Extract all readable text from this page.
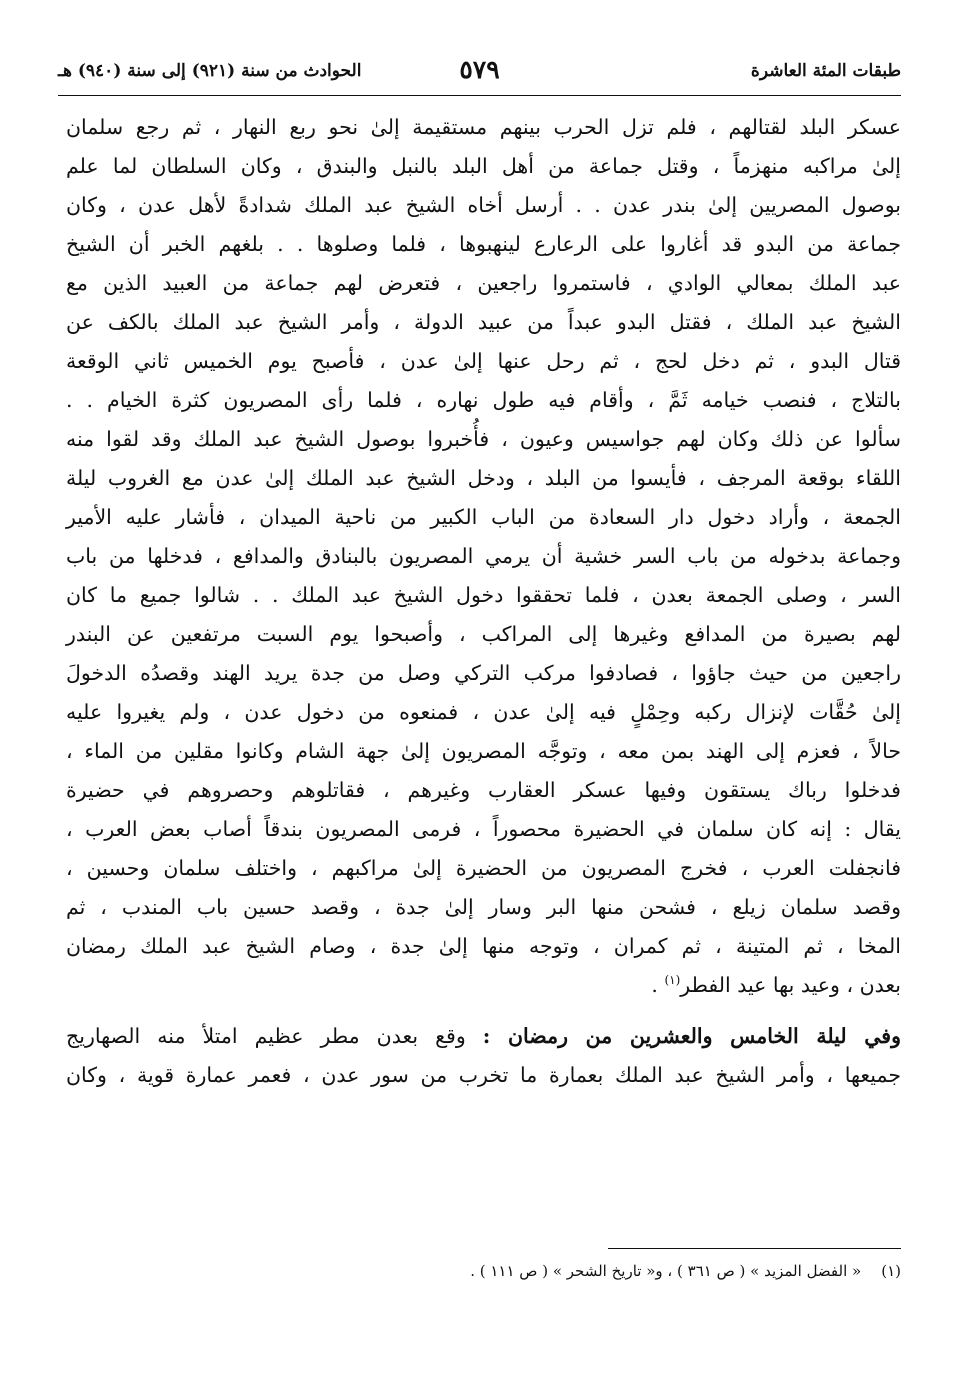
طبقات المئة العاشرة
٥٧٩
الحوادث من سنة (٩٢١) إلى سنة (٩٤٠) هـ
عسكر البلد لقتالهم ، فلم تزل الحرب بينهم مستقيمة إلىٰ نحو ربع النهار ، ثم رجع سلمان
إلىٰ مراكبه منهزماً ، وقتل جماعة من أهل البلد بالنبل والبندق ، وكان السلطان لما علم
بوصول المصريين إلىٰ بندر عدن . . أرسل أخاه الشيخ عبد الملك شدادةً لأهل عدن ، وكان
جماعة من البدو قد أغاروا على الرعارع لينهبوها ، فلما وصلوها . . بلغهم الخبر أن الشيخ
عبد الملك بمعالي الوادي ، فاستمروا راجعين ، فتعرض لهم جماعة من العبيد الذين مع
الشيخ عبد الملك ، فقتل البدو عبداً من عبيد الدولة ، وأمر الشيخ عبد الملك بالكف عن
قتال البدو ، ثم دخل لحج ، ثم رحل عنها إلىٰ عدن ، فأصبح يوم الخميس ثاني الوقعة
بالتلاج ، فنصب خيامه ثَمَّ ، وأقام فيه طول نهاره ، فلما رأى المصريون كثرة الخيام . .
سألوا عن ذلك وكان لهم جواسيس وعيون ، فأُخبروا بوصول الشيخ عبد الملك وقد لقوا منه
اللقاء بوقعة المرجف ، فأيسوا من البلد ، ودخل الشيخ عبد الملك إلىٰ عدن مع الغروب ليلة
الجمعة ، وأراد دخول دار السعادة من الباب الكبير من ناحية الميدان ، فأشار عليه الأمير
وجماعة بدخوله من باب السر خشية أن يرمي المصريون بالبنادق والمدافع ، فدخلها من باب
السر ، وصلى الجمعة بعدن ، فلما تحققوا دخول الشيخ عبد الملك . . شالوا جميع ما كان
لهم بصيرة من المدافع وغيرها إلى المراكب ، وأصبحوا يوم السبت مرتفعين عن البندر
راجعين من حيث جاؤوا ، فصادفوا مركب التركي وصل من جدة يريد الهند وقصدُه الدخولَ
إلىٰ حُقَّات لإنزال ركبه وحِمْلٍ فيه إلىٰ عدن ، فمنعوه من دخول عدن ، ولم يغيروا عليه
حالاً ، فعزم إلى الهند بمن معه ، وتوجَّه المصريون إلىٰ جهة الشام وكانوا مقلين من الماء ،
فدخلوا رباك يستقون وفيها عسكر العقارب وغيرهم ، فقاتلوهم وحصروهم في حضيرة
يقال : إنه كان سلمان في الحضيرة محصوراً ، فرمى المصريون بندقاً أصاب بعض العرب ،
فانجفلت العرب ، فخرج المصريون من الحضيرة إلىٰ مراكبهم ، واختلف سلمان وحسين ،
وقصد سلمان زيلع ، فشحن منها البر وسار إلىٰ جدة ، وقصد حسين باب المندب ، ثم
المخا ، ثم المتينة ، ثم كمران ، وتوجه منها إلىٰ جدة ، وصام الشيخ عبد الملك رمضان
بعدن ، وعيد بها عيد الفطر$^{(١)}$ .
وفي ليلة الخامس والعشرين من رمضان : وقع بعدن مطر عظيم امتلأ منه الصهاريج
جميعها ، وأمر الشيخ عبد الملك بعمارة ما تخرب من سور عدن ، فعمر عمارة قوية ، وكان
(١)« الفضل المزيد » ( ص ٣٦١ ) ، و« تاريخ الشحر » ( ص ١١١ ) .
